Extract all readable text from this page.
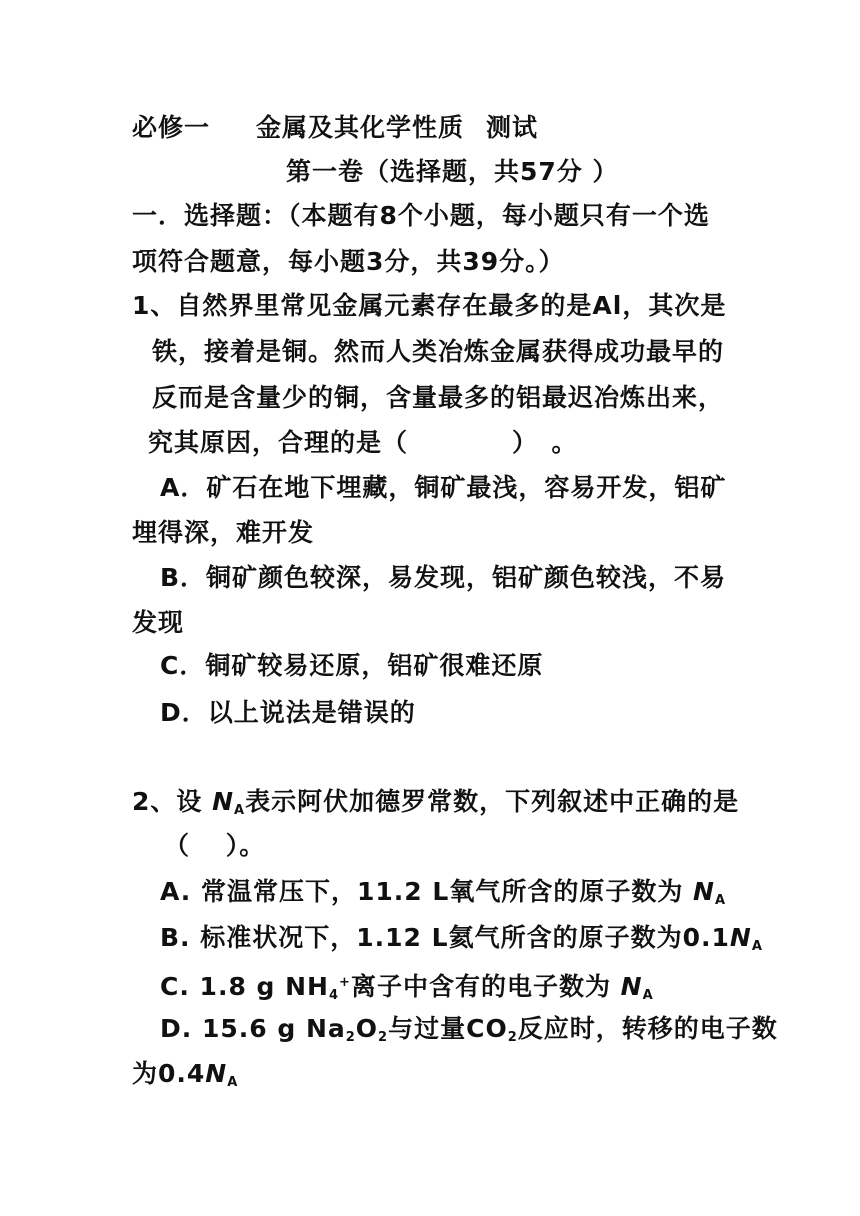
必修一 金属及其化学性质 测试
第一卷（选择题，共57分 ）
一．选择题：（本题有8个小题，每小题只有一个选
项符合题意，每小题3分，共39分。）
1、自然界里常见金属元素存在最多的是Al，其次是
铁，接着是铜。然而人类冶炼金属获得成功最早的
反而是含量少的铜，含量最多的铝最迟冶炼出来，
究其原因，合理的是（　　　　）　。
A．矿石在地下埋藏，铜矿最浅，容易开发，铝矿
埋得深，难开发
B．铜矿颜色较深，易发现，铝矿颜色较浅，不易
发现
C．铜矿较易还原，铝矿很难还原
D．以上说法是错误的
2、设 $N_A$表示阿伏加德罗常数，下列叙述中正确的是
（　 ）。
A. 常温常压下，11.2 L氧气所含的原子数为 $N_A$
B. 标准状况下，1.12 L氦气所含的原子数为$0.1N_A$
C. 1.8 g $NH_4^+$离子中含有的电子数为 $N_A$
D. 15.6 g $Na_2O_2$与过量$CO_2$反应时，转移的电子数
为$0.4N_A$
